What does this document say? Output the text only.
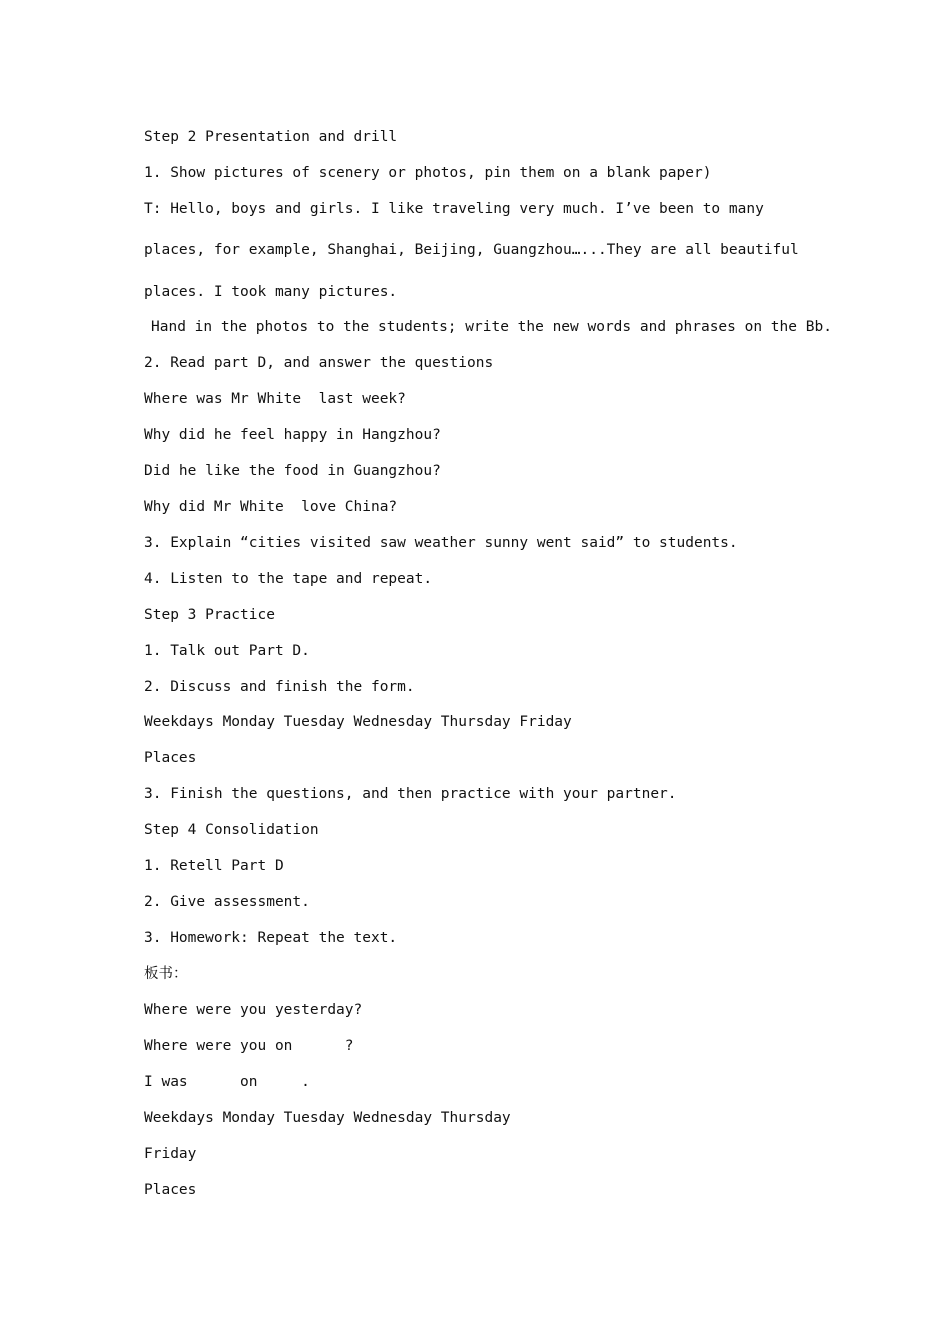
Step 2 Presentation and drill
1. Show pictures of scenery or photos, pin them on a blank paper)
T: Hello, boys and girls. I like traveling very much. I’ve been to many
places, for example, Shanghai, Beijing, Guangzhou…...They are all beautiful
places. I took many pictures.
Hand in the photos to the students; write the new words and phrases on the Bb.
2. Read part D, and answer the questions
Where was Mr White  last week?
Why did he feel happy in Hangzhou?
Did he like the food in Guangzhou?
Why did Mr White  love China?
3. Explain “cities visited saw weather sunny went said” to students.
4. Listen to the tape and repeat.
Step 3 Practice
1. Talk out Part D.
2. Discuss and finish the form.
Weekdays Monday Tuesday Wednesday Thursday Friday
Places
3. Finish the questions, and then practice with your partner.
Step 4 Consolidation
1. Retell Part D
2. Give assessment.
3. Homework: Repeat the text.
板书：
Where were you yesterday?
Where were you on      ?
I was      on     .
Weekdays Monday Tuesday Wednesday Thursday
Friday
Places
